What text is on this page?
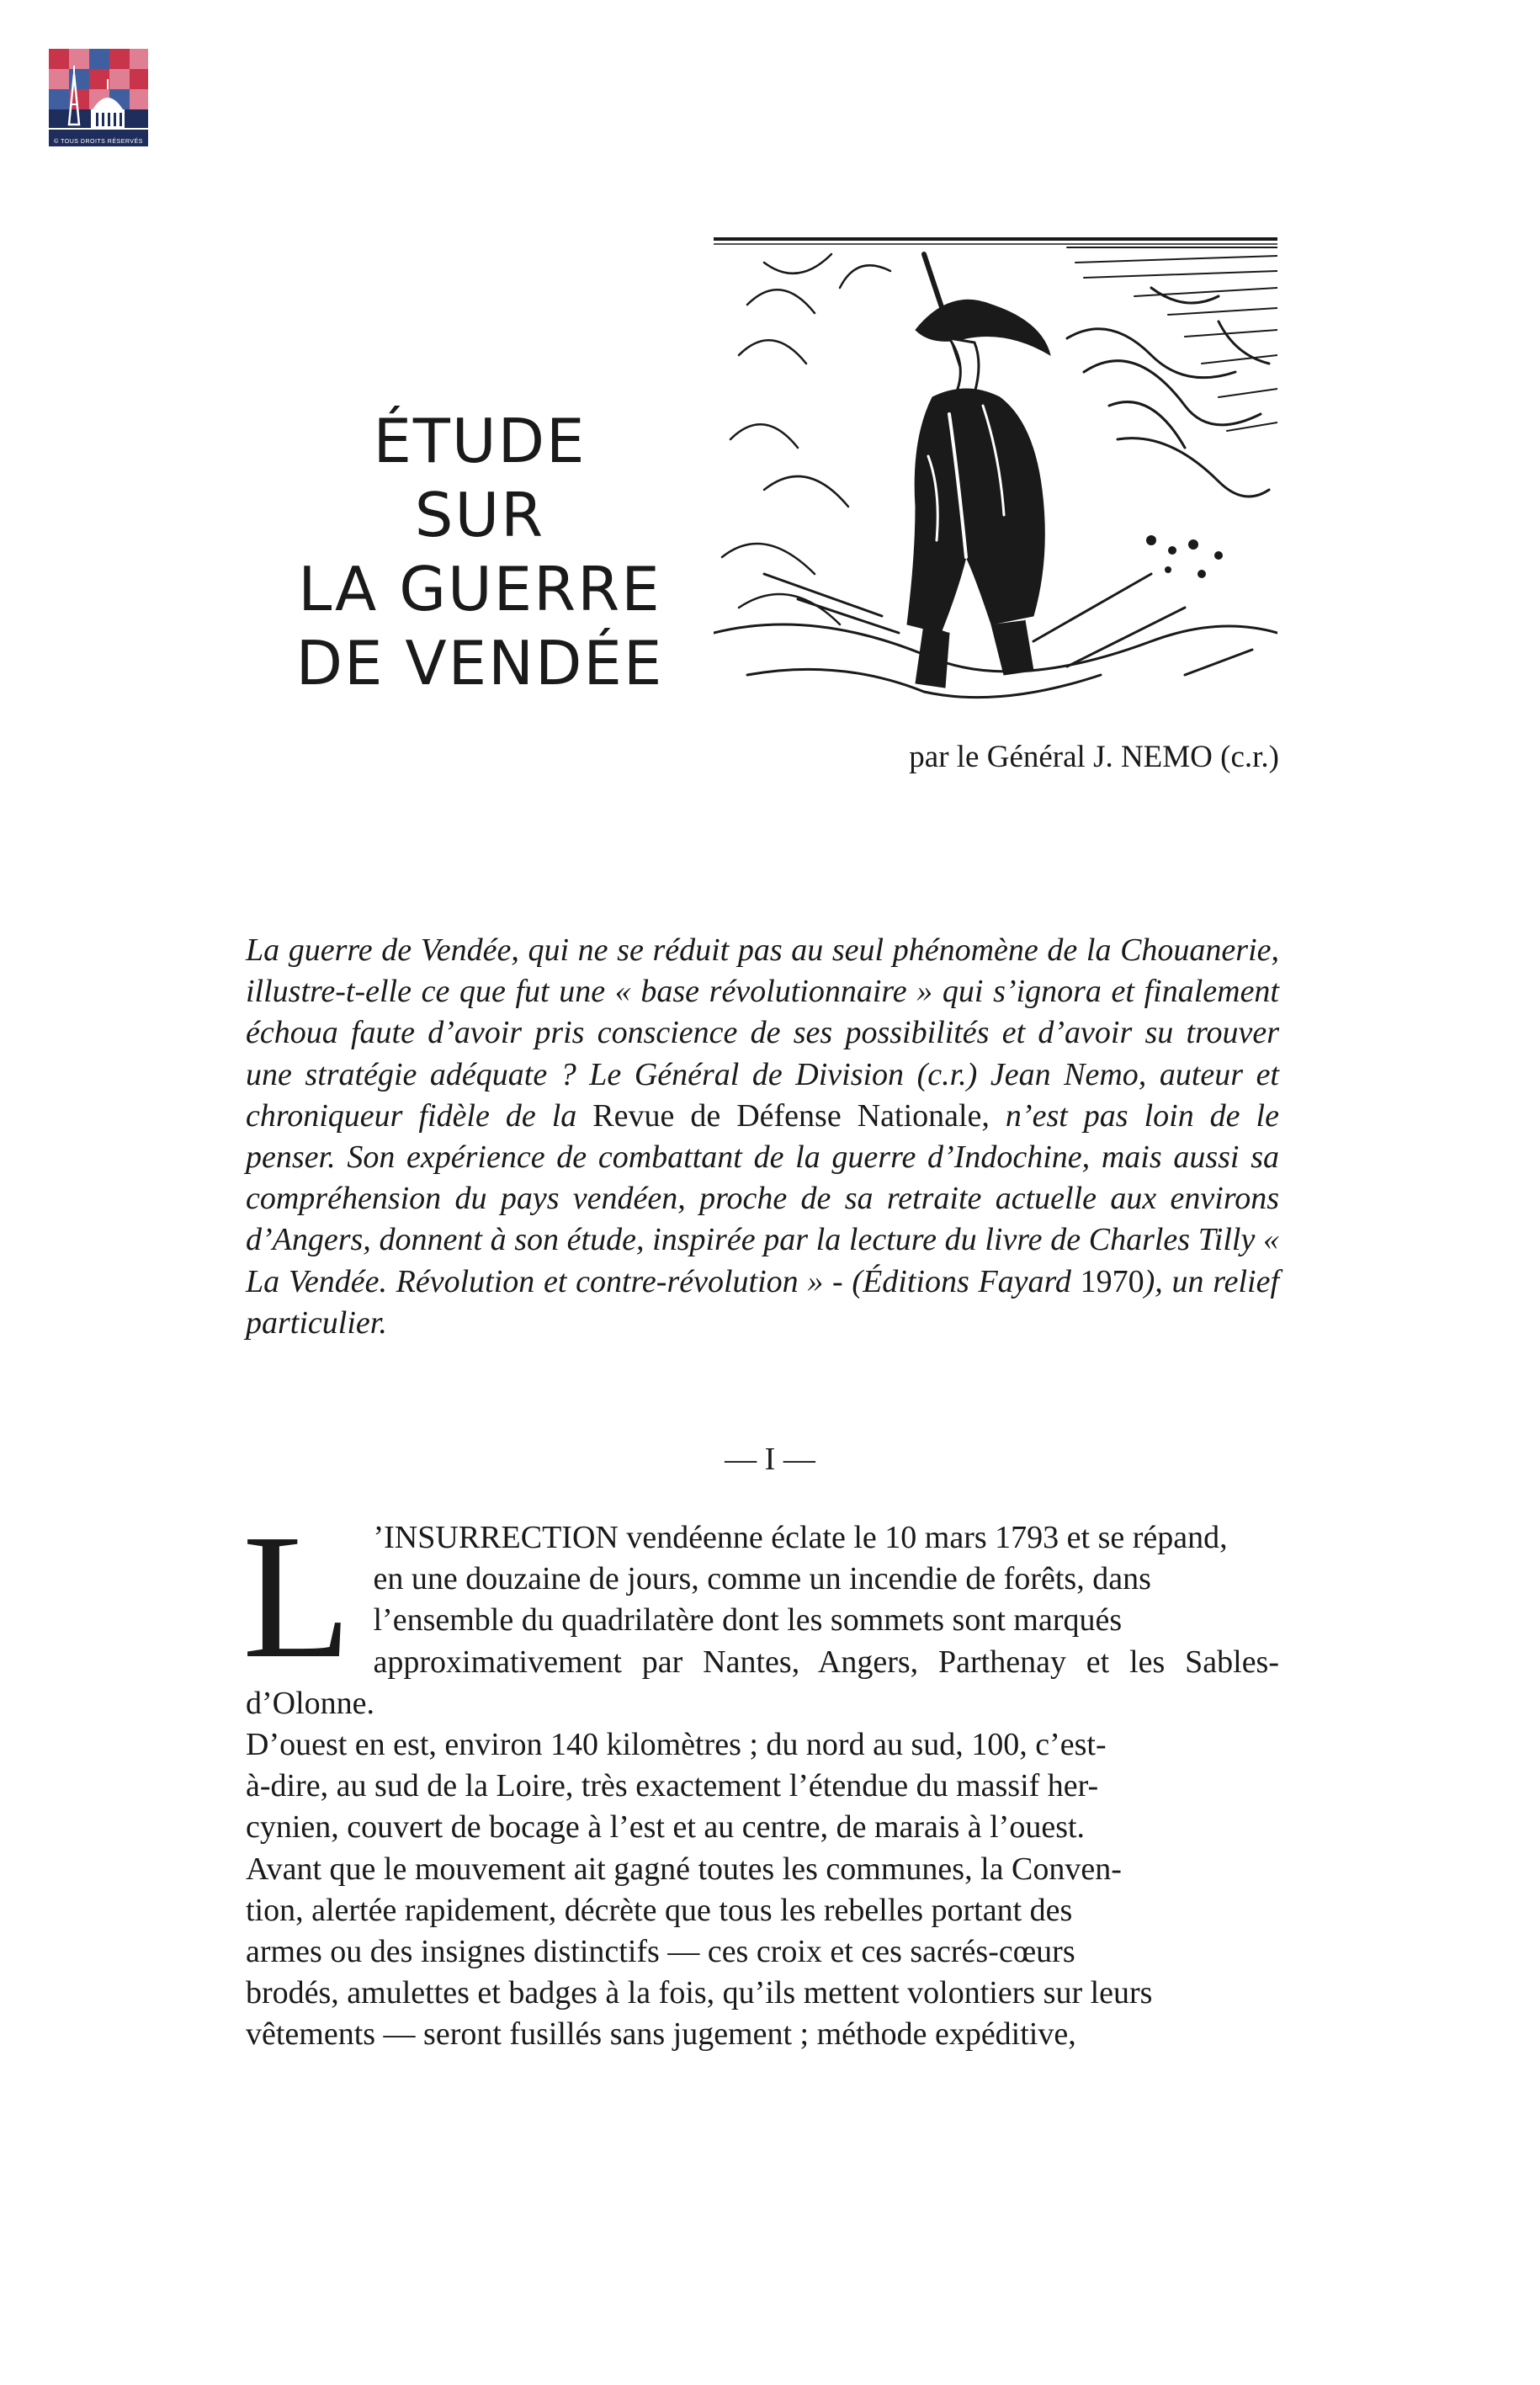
© TOUS DROITS RÉSERVÉS
ÉTUDE
SUR
LA GUERRE
DE VENDÉE
par le Général J. NEMO (c.r.)

La guerre de Vendée, qui ne se réduit pas au seul phénomène de la Chouanerie, illustre-t-elle ce que fut une « base révolutionnaire » qui s’ignora et finalement échoua faute d’avoir pris conscience de ses possibilités et d’avoir su trouver une stratégie adéquate ? Le Général de Division (c.r.) Jean Nemo, auteur et chroniqueur fidèle de la Revue de Défense Nationale, n’est pas loin de le penser. Son expérience de combattant de la guerre d’Indochine, mais aussi sa compréhension du pays vendéen, proche de sa retraite actuelle aux environs d’Angers, donnent à son étude, inspirée par la lecture du livre de Charles Tilly « La Vendée. Révolution et contre-révolution » - (Éditions Fayard 1970), un relief particulier.

— I —
L ’INSURRECTION vendéenne éclate le 10 mars 1793 et se répand,
en une douzaine de jours, comme un incendie de forêts, dans
l’ensemble du quadrilatère dont les sommets sont marqués
approximativement par Nantes, Angers, Parthenay et les Sables-d’Olonne.
D’ouest en est, environ 140 kilomètres ; du nord au sud, 100, c’est-
à-dire, au sud de la Loire, très exactement l’étendue du massif her-
cynien, couvert de bocage à l’est et au centre, de marais à l’ouest.
Avant que le mouvement ait gagné toutes les communes, la Conven-
tion, alertée rapidement, décrète que tous les rebelles portant des
armes ou des insignes distinctifs — ces croix et ces sacrés-cœurs
brodés, amulettes et badges à la fois, qu’ils mettent volontiers sur leurs
vêtements — seront fusillés sans jugement ; méthode expéditive,
